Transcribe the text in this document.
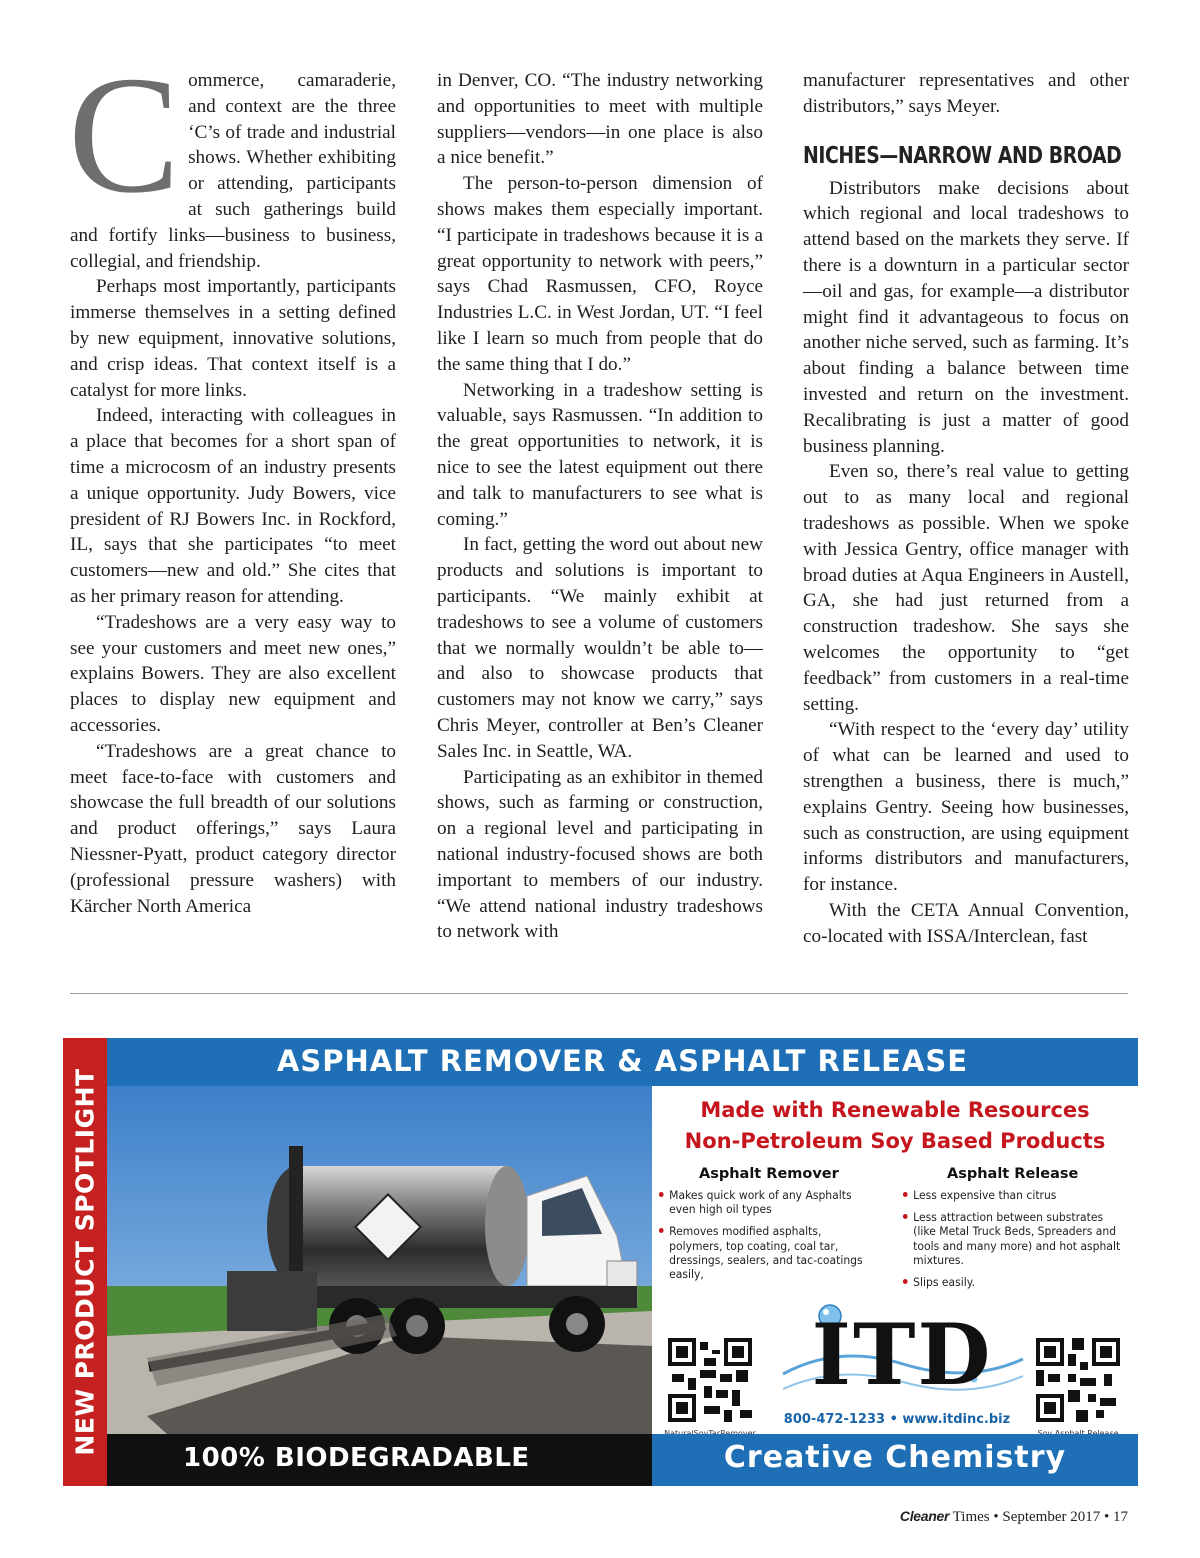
C ommerce, camaraderie, and context are the three ‘C’s of trade and industrial shows. Whether exhibiting or attending, participants at such gatherings build and fortify links—business to business, collegial, and friendship.

Perhaps most importantly, participants immerse themselves in a setting defined by new equipment, innovative solutions, and crisp ideas. That context itself is a catalyst for more links.

Indeed, interacting with colleagues in a place that becomes for a short span of time a microcosm of an industry presents a unique opportunity. Judy Bowers, vice president of RJ Bowers Inc. in Rockford, IL, says that she participates “to meet customers—new and old.” She cites that as her primary reason for attending.

“Tradeshows are a very easy way to see your customers and meet new ones,” explains Bowers. They are also excellent places to display new equipment and accessories.

“Tradeshows are a great chance to meet face-to-face with customers and showcase the full breadth of our solutions and product offerings,” says Laura Niessner-Pyatt, product category director (professional pressure washers) with Kärcher North America

in Denver, CO. “The industry networking and opportunities to meet with multiple suppliers—vendors—in one place is also a nice benefit.”

The person-to-person dimension of shows makes them especially important. “I participate in tradeshows because it is a great opportunity to network with peers,” says Chad Rasmussen, CFO, Royce Industries L.C. in West Jordan, UT. “I feel like I learn so much from people that do the same thing that I do.”

Networking in a tradeshow setting is valuable, says Rasmussen. “In addition to the great opportunities to network, it is nice to see the latest equipment out there and talk to manufacturers to see what is coming.”

In fact, getting the word out about new products and solutions is important to participants. “We mainly exhibit at tradeshows to see a volume of customers that we normally wouldn’t be able to—and also to showcase products that customers may not know we carry,” says Chris Meyer, controller at Ben’s Cleaner Sales Inc. in Seattle, WA.

Participating as an exhibitor in themed shows, such as farming or construction, on a regional level and participating in national industry-focused shows are both important to members of our industry. “We attend national industry tradeshows to network with

manufacturer representatives and other distributors,” says Meyer.

NICHES—NARROW AND BROAD

Distributors make decisions about which regional and local tradeshows to attend based on the markets they serve. If there is a downturn in a particular sector—oil and gas, for example—a distributor might find it advantageous to focus on another niche served, such as farming. It’s about finding a balance between time invested and return on the investment. Recalibrating is just a matter of good business planning.

Even so, there’s real value to getting out to as many local and regional tradeshows as possible. When we spoke with Jessica Gentry, office manager with broad duties at Aqua Engineers in Austell, GA, she had just returned from a construction tradeshow. She says she welcomes the opportunity to “get feedback” from customers in a real-time setting.

“With respect to the ‘every day’ utility of what can be learned and used to strengthen a business, there is much,” explains Gentry. Seeing how businesses, such as construction, are using equipment informs distributors and manufacturers, for instance.

With the CETA Annual Convention, co-located with ISSA/Interclean, fast

NEW PRODUCT SPOTLIGHT
ASPHALT REMOVER & ASPHALT RELEASE
Made with Renewable Resources
Non-Petroleum Soy Based Products
Asphalt Remover
Makes quick work of any Asphalts even high oil types
Removes modified asphalts, polymers, top coating, coal tar, dressings, sealers, and tac-coatings easily,
Asphalt Release
Less expensive than citrus
Less attraction between substrates (like Metal Truck Beds, Spreaders and tools and many more) and hot asphalt mixtures.
Slips easily.
ITD
800-472-1233 • www.itdinc.biz
100% BIODEGRADABLE	Creative Chemistry
Cleaner Times • September 2017 • 17
